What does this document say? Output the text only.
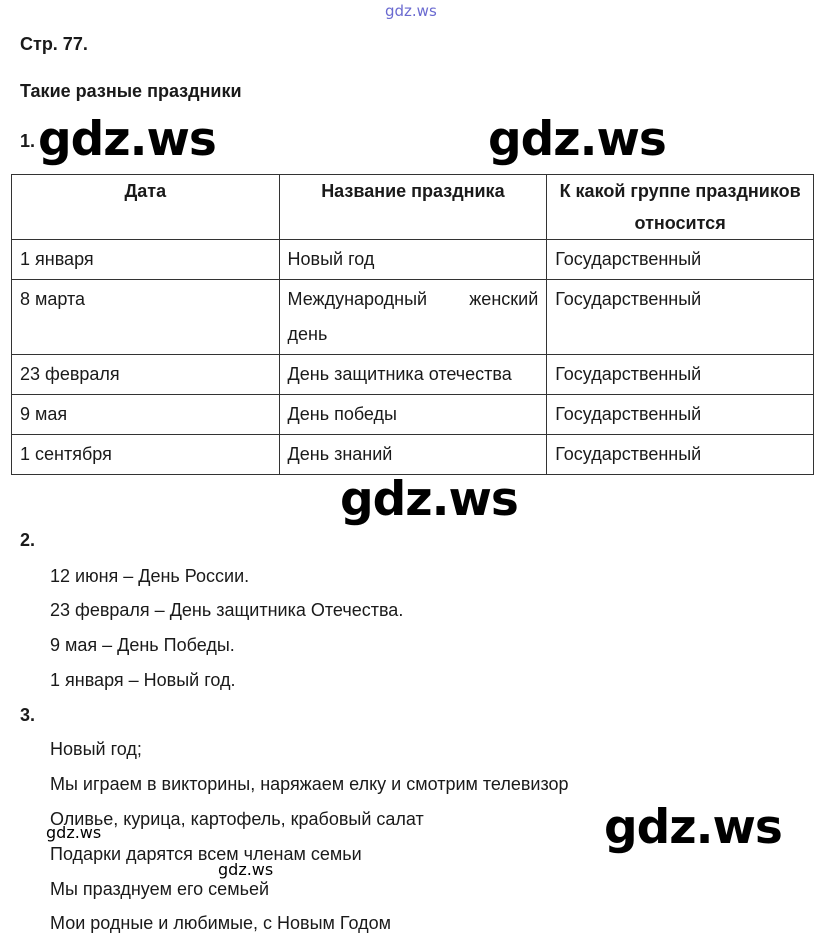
gdz.ws
Стр. 77.
Такие разные праздники
1.
Дата	Название праздника	К какой группе праздников относится
1 января	Новый год	Государственный
8 марта	Международный женский день	Государственный
23 февраля	День защитника отечества	Государственный
9 мая	День победы	Государственный
1 сентября	День знаний	Государственный
gdz.ws	gdz.ws
gdz.ws
2.
12 июня – День России.
23 февраля – День защитника Отечества.
9 мая – День Победы.
1 января – Новый год.
3.
Новый год;
Мы играем в викторины, наряжаем елку и смотрим телевизор
Оливье, курица, картофель, крабовый салат
Подарки дарятся всем членам семьи
Мы празднуем его семьей
Мои родные и любимые, с Новым Годом
gdz.ws
gdz.ws
gdz.ws
